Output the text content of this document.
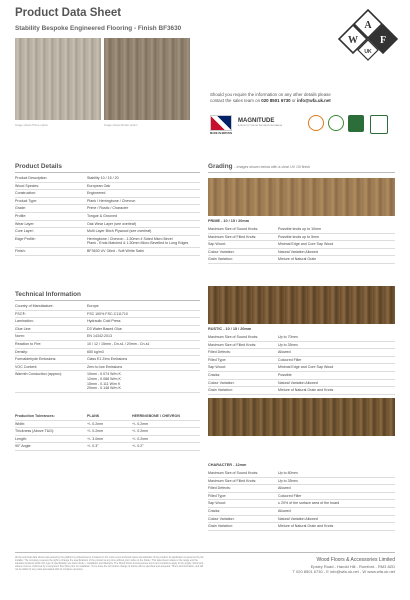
Product Data Sheet
Stability Bespoke Engineered Flooring - Finish BF3630
Image shows Prime option	Image shows Rustic option
A
W F
UK
Should you require the information on any other details please
contact the sales team on 020 8501 6730 or info@wfa.uk.net
MADE IN BRITAIN
MAGNITUDE
A PRODUCT FROM THE BESPOKE RANGE
Product Details
Product Description:	Stability 10 / 15 / 20
Wood Species:	European Oak
Construction:	Engineered
Product Type:	Plank / Herringbone / Chevron
Grade:	Prime / Rustic / Character
Profile:	Tongue & Grooved
Wear Layer:	Oak Wear Layer (see overleaf)
Core Layer:	Multi Layer Birch Plywood (see overleaf)
Edge Profile:	Herringbone / Chevron - 1.50mm 4 Sided Micro Bevel
Plank - Ends Matched & 1.50mm Micro Bevelled to Long Edges
Finish:	BF3630 UV Oiled - Soft White Satin
Technical Information
Country of Manufacture:	Europe
FSC®:	FSC 100% FSC-C111710
Lamination:	Hydraulic Cold Press
Glue Line:	D3 Water Based Glue
Norm:	EN 14342:2013
Reaction to Fire:	10 / 12 / 15mm - Dn-s1 / 20mm - Cn-s1
Density:	650 kg/m3
Formaldehyde Emissions:	Class E1 Zero Emissions
VOC Content:	Zero to low Emissions
Warmth Conduction (approx):	10mm - 0.074 W/m K
12mm - 0.088 W/m K
15mm - 0.111 W/m K
20mm - 0.148 W/m K
Production Tolerances:	PLANK	HERRINGBONE / CHEVRON
Width:	+/- 0.2mm	+/- 0.2mm
Thickness (Above T&G):	+/- 0.2mm	+/- 0.2mm
Length:	+/- 3.0mm	+/- 0.2mm
90° Angle:	+/- 0.3°	+/- 0.2°
Grading - Images shown below with a clear UV Oil finish
PRIME - 10 / 15 / 20mm
Maximum Size of Sound Knots:	Possible knots up to 10mm
Maximum Size of Filled Knots:	Possible knots up to 5mm
Sap Wood:	Minimal Edge and Core Sap Wood
Colour Variation:	Natural Variation Allowed
Grain Variation:	Mixture of Natural Grain
RUSTIC - 10 / 15 / 20mm
Maximum Size of Sound Knots:	Up to 70mm
Maximum Size of Filled Knots:	Up to 35mm
Filled Defects:	Allowed
Filled Type:	Coloured Filler
Sap Wood:	Minimal Edge and Core Sap Wood
Cracks:	Possible
Colour Variation:	Natural Variation Allowed
Grain Variation:	Mixture of Natural Grain and Knots
CHARACTER - 12mm
Maximum Size of Sound Knots:	Up to 80mm
Maximum Size of Filled Knots:	Up to 35mm
Filled Defects:	Allowed
Filled Type:	Coloured Filler
Sap Wood:	≤ 20% of the surface area of the board
Cracks:	Allowed
Colour Variation:	Natural Variation Allowed
Grain Variation:	Mixture of Natural Grain and Knots
All the technical data shown was tested by the platform's professional or is based on the most recent technical notes and statistics of the product; its application is governed by the installer. The company reserves the right to change the specifications of the product at any time without prior notice to the holder. This data sheet relates to the range and the standard products within this type of specification are listed. Refer - Installation and Warranty. The Wood Floors & Accessories terms and conditions apply to the supply. Stock and values must be confirmed by a competent floor fitter prior to installation. To be done the sub and/or change of advice will be specified and accepted. This is all information, and will not be liable for any costs associated with its complete accuracy.
Wood Floors & Accessories Limited
Epsley Road - Harold Hill - Romford - RM3 8ZD
T 020 8501 6730 - E info@wfa.uk.net - W www.wfa.uk.net
